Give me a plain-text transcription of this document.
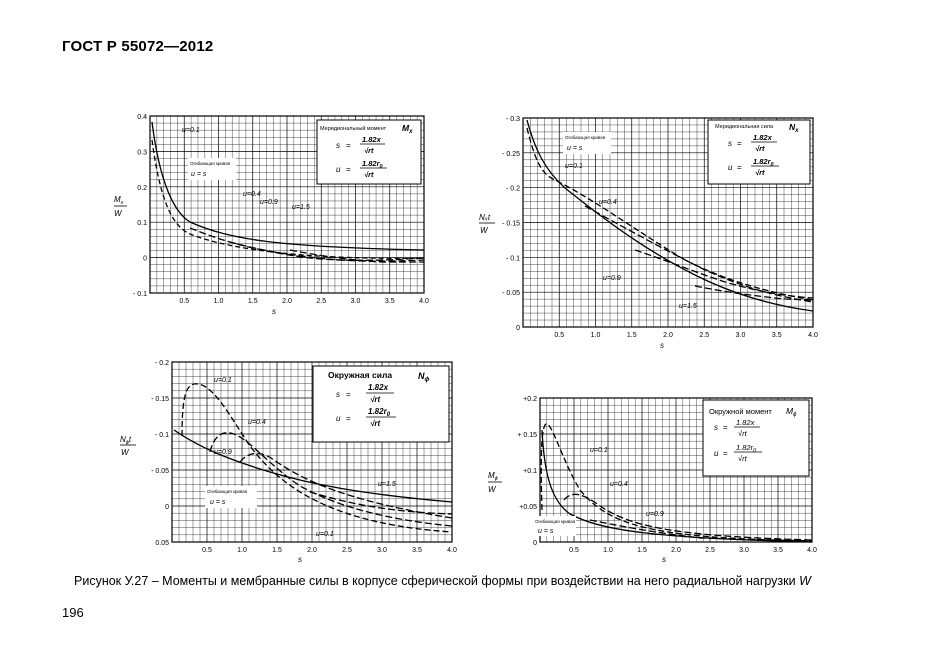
ГОСТ Р 55072—2012
Меридиональный момент $M_x$
s =
1.82x
√rt
u =
$1.82r_0$
√rt
Огибающая кривая
u = s
u=0.1
u=0.4
u=0.9
u=1.5
0.4
0.3
0.2
0.1
0
- 0.1
0.5	1.0	1.5	2.0	2.5	3.0	3.5	4.0
s
$M_x$
W
Меридиональная сила $N_x$
s =
1.82x
√rt
u =
$1.82r_0$
√rt
Огибающая кривая
u = s
u=0.1
u=0.4
u=0.9
u=1.5
- 0.3
- 0.25
- 0.2
- 0.15
- 0.1
- 0.05
0
0.5	1.0	1.5	2.0	2.5	3.0	3.5	4.0
s
Nₓt
W
Окружная сила	$N_\phi$
s =
1.82x
√rt
u =
$1.82r_0$
√rt
Огибающая кривая
u = s
u=0.1
u=0.4
u=0.9
u=1.5
u=0.1
- 0.2
- 0.15
- 0.1
- 0.05
0
0.05
0.5	1.0	1.5	2.0	2.5	3.0	3.5	4.0
s
$N_\phi t$
W
Окружной момент $M_\phi$
s =
1.82x
√rt
u =
$1.82r_0$
√rt
Огибающая кривая
u = s
u=0.1
u=0.4
u=0.9
+0.2
+ 0.15
+0.1
+0.05
0
0.5	1.0	1.5	2.0	2.5	3.0	3.5	4.0
s
$M_\phi$
W
Рисунок У.27 – Моменты и мембранные силы в корпусе сферической формы при воздействии на него радиальной нагрузки W
196
